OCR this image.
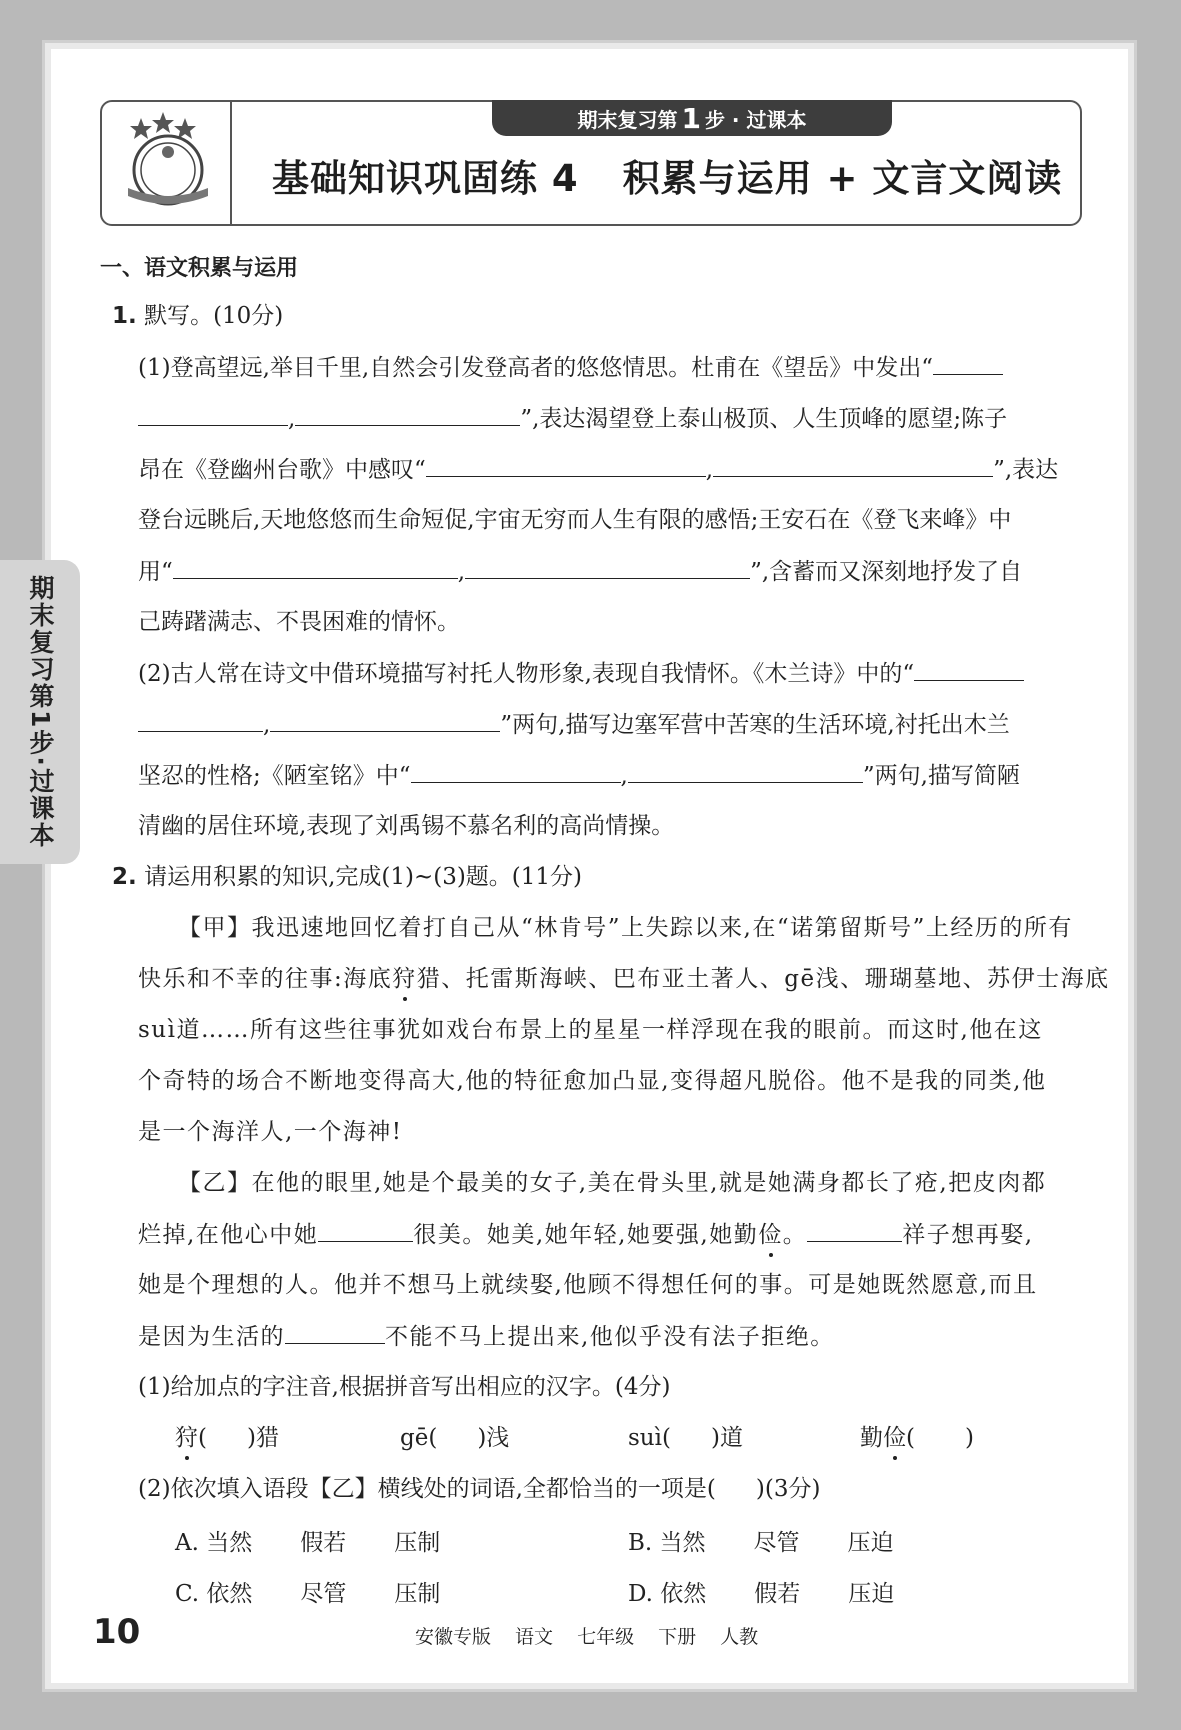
期末复习第 1 步 · 过课本
基础知识巩固练 4 积累与运用 + 文言文阅读
期末复习第1步·过课本
一、语文积累与运用
1. 默写。(10分)
(1)登高望远,举目千里,自然会引发登高者的悠悠情思。杜甫在《望岳》中发出“
,	”,表达渴望登上泰山极顶、人生顶峰的愿望;陈子
昂在《登幽州台歌》中感叹“	,	”,表达
登台远眺后,天地悠悠而生命短促,宇宙无穷而人生有限的感悟;王安石在《登飞来峰》中
用“	,	”,含蓄而又深刻地抒发了自
己踌躇满志、不畏困难的情怀。
(2)古人常在诗文中借环境描写衬托人物形象,表现自我情怀。《木兰诗》中的“
,	”两句,描写边塞军营中苦寒的生活环境,衬托出木兰
坚忍的性格;《陋室铭》中“	,	”两句,描写简陋
清幽的居住环境,表现了刘禹锡不慕名利的高尚情操。
2. 请运用积累的知识,完成(1)~(3)题。(11分)
【甲】我迅速地回忆着打自己从“林肯号”上失踪以来,在“诺第留斯号”上经历的所有
快乐和不幸的往事:海底狩猎、托雷斯海峡、巴布亚土著人、gē浅、珊瑚墓地、苏伊士海底
suì道……所有这些往事犹如戏台布景上的星星一样浮现在我的眼前。而这时,他在这
个奇特的场合不断地变得高大,他的特征愈加凸显,变得超凡脱俗。他不是我的同类,他
是一个海洋人,一个海神!
【乙】在他的眼里,她是个最美的女子,美在骨头里,就是她满身都长了疮,把皮肉都
烂掉,在他心中她	很美。她美,她年轻,她要强,她勤俭。	祥子想再娶,
她是个理想的人。他并不想马上就续娶,他顾不得想任何的事。可是她既然愿意,而且
是因为生活的	不能不马上提出来,他似乎没有法子拒绝。
(1)给加点的字注音,根据拼音写出相应的汉字。(4分)
狩( )猎	gē( )浅	suì( )道	勤俭( )
(2)依次填入语段【乙】横线处的词语,全都恰当的一项是( )(3分)
A. 当然 假若 压制	B. 当然 尽管 压迫
C. 依然 尽管 压制	D. 依然 假若 压迫
10	安徽专版 语文 七年级 下册 人教
